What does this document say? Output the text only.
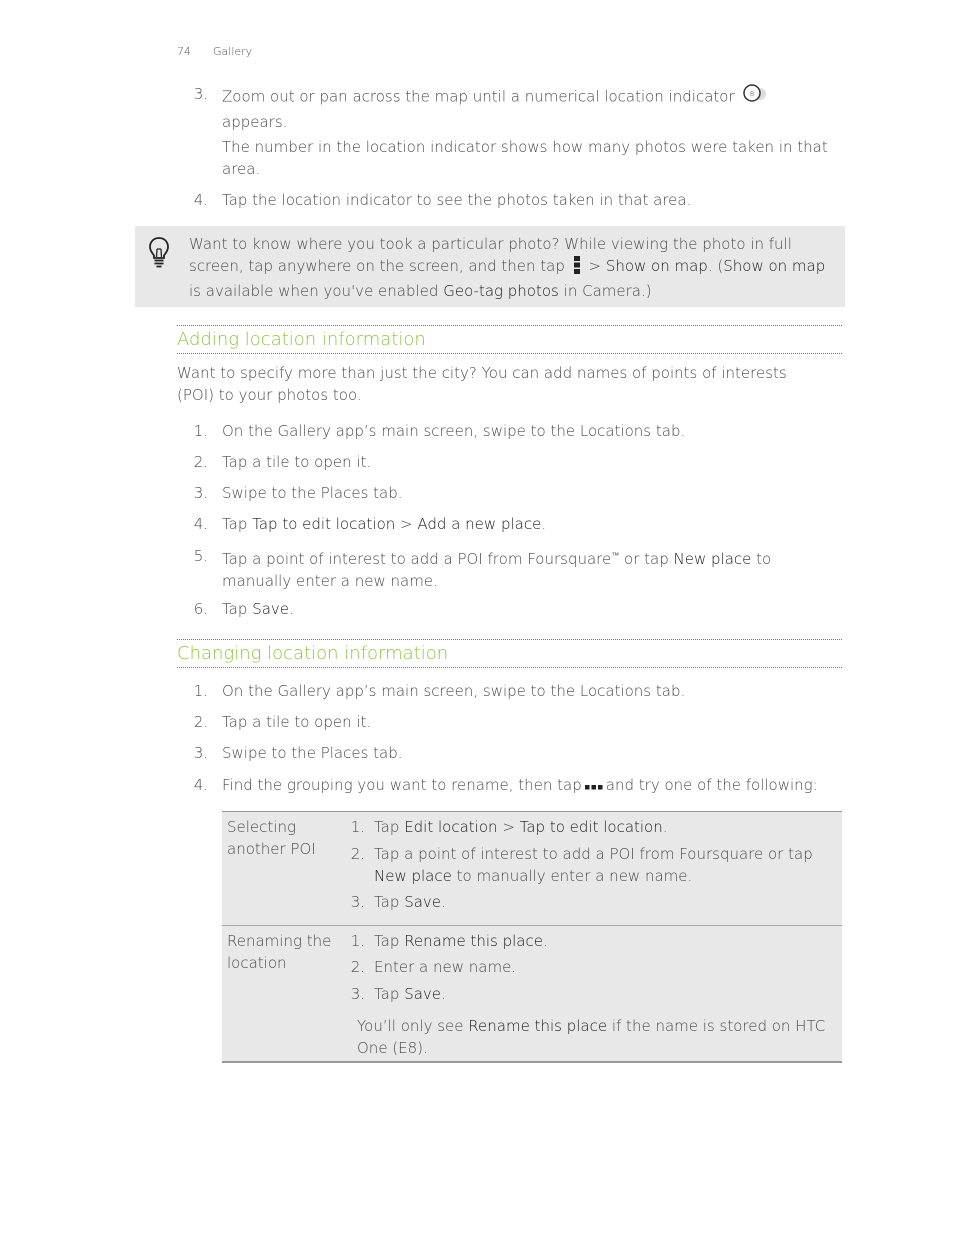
74 Gallery
3. Zoom out or pan across the map until a numerical location indicator 8

appears.
The number in the location indicator shows how many photos were taken in that area.
4. Tap the location indicator to see the photos taken in that area.
Want to know where you took a particular photo? While viewing the photo in full
screen, tap anywhere on the screen, and then tap > Show on map. (Show on map
is available when you've enabled Geo-tag photos in Camera.)
Adding location information
Want to specify more than just the city? You can add names of points of interests (POI) to your photos too.
1. On the Gallery app’s main screen, swipe to the Locations tab.
2. Tap a tile to open it.
3. Swipe to the Places tab.
4. Tap Tap to edit location > Add a new place.
5. Tap a point of interest to add a POI from Foursquare™ or tap New place to manually enter a new name.
6. Tap Save.
Changing location information
1. On the Gallery app’s main screen, swipe to the Locations tab.
2. Tap a tile to open it.
3. Swipe to the Places tab.
4. Find the grouping you want to rename, then tap and try one of the following:
Selecting another POI
1. Tap Edit location > Tap to edit location.
2. Tap a point of interest to add a POI from Foursquare or tap New place to manually enter a new name.
3. Tap Save.
Renaming the location
1. Tap Rename this place.
2. Enter a new name.
3. Tap Save.
You’ll only see Rename this place if the name is stored on HTC One (E8).
